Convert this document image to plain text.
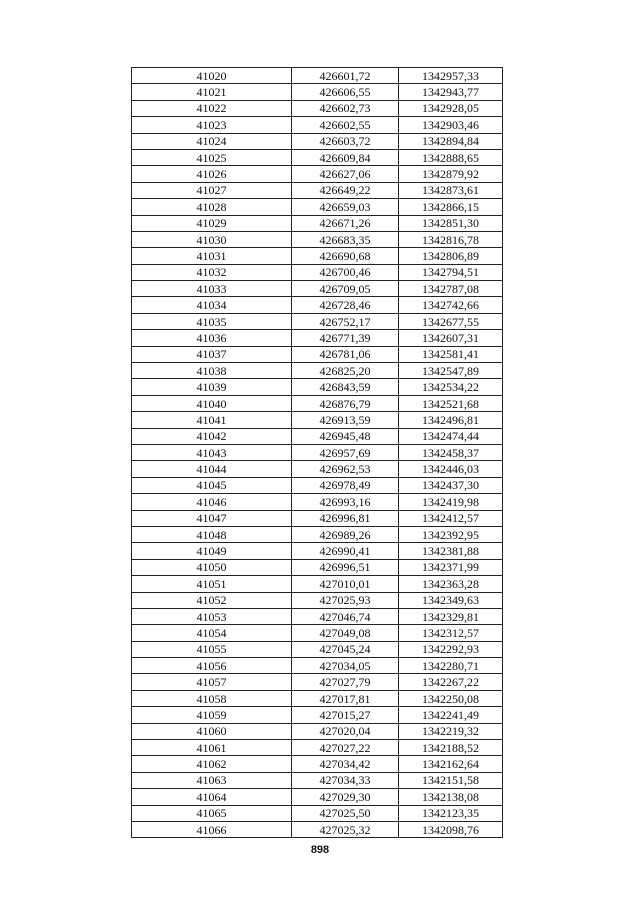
41020	426601,72	1342957,33
41021	426606,55	1342943,77
41022	426602,73	1342928,05
41023	426602,55	1342903,46
41024	426603,72	1342894,84
41025	426609,84	1342888,65
41026	426627,06	1342879,92
41027	426649,22	1342873,61
41028	426659,03	1342866,15
41029	426671,26	1342851,30
41030	426683,35	1342816,78
41031	426690,68	1342806,89
41032	426700,46	1342794,51
41033	426709,05	1342787,08
41034	426728,46	1342742,66
41035	426752,17	1342677,55
41036	426771,39	1342607,31
41037	426781,06	1342581,41
41038	426825,20	1342547,89
41039	426843,59	1342534,22
41040	426876,79	1342521,68
41041	426913,59	1342496,81
41042	426945,48	1342474,44
41043	426957,69	1342458,37
41044	426962,53	1342446,03
41045	426978,49	1342437,30
41046	426993,16	1342419,98
41047	426996,81	1342412,57
41048	426989,26	1342392,95
41049	426990,41	1342381,88
41050	426996,51	1342371,99
41051	427010,01	1342363,28
41052	427025,93	1342349,63
41053	427046,74	1342329,81
41054	427049,08	1342312,57
41055	427045,24	1342292,93
41056	427034,05	1342280,71
41057	427027,79	1342267,22
41058	427017,81	1342250,08
41059	427015,27	1342241,49
41060	427020,04	1342219,32
41061	427027,22	1342188,52
41062	427034,42	1342162,64
41063	427034,33	1342151,58
41064	427029,30	1342138,08
41065	427025,50	1342123,35
41066	427025,32	1342098,76
898
